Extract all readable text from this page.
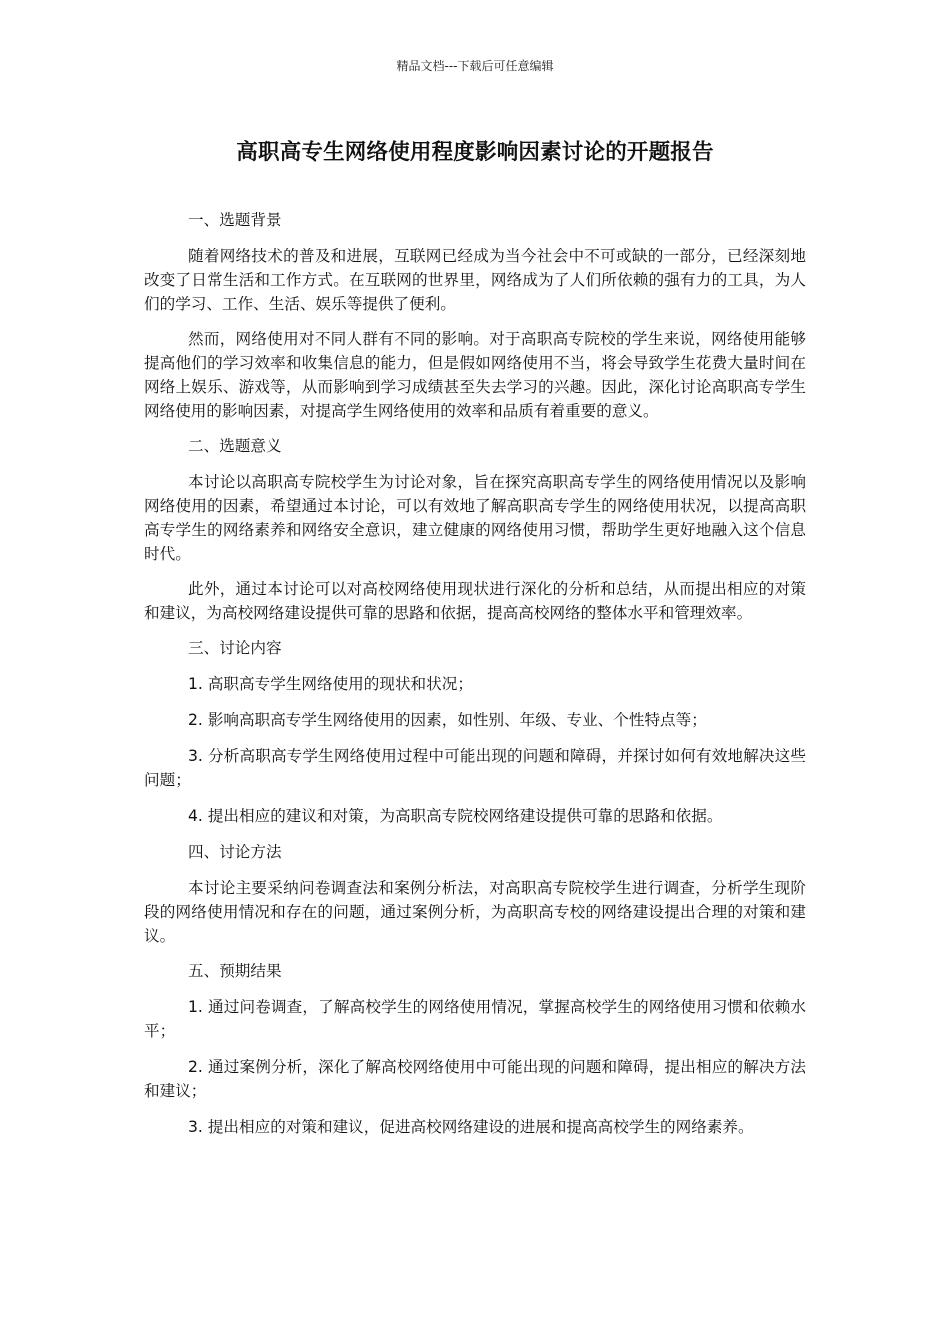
精品文档---下载后可任意编辑
高职高专生网络使用程度影响因素讨论的开题报告

一、选题背景

随着网络技术的普及和进展，互联网已经成为当今社会中不可或缺的一部分，已经深刻地改变了日常生活和工作方式。在互联网的世界里，网络成为了人们所依赖的强有力的工具，为人们的学习、工作、生活、娱乐等提供了便利。

然而，网络使用对不同人群有不同的影响。对于高职高专院校的学生来说，网络使用能够提高他们的学习效率和收集信息的能力，但是假如网络使用不当，将会导致学生花费大量时间在网络上娱乐、游戏等，从而影响到学习成绩甚至失去学习的兴趣。因此，深化讨论高职高专学生网络使用的影响因素，对提高学生网络使用的效率和品质有着重要的意义。

二、选题意义

本讨论以高职高专院校学生为讨论对象，旨在探究高职高专学生的网络使用情况以及影响网络使用的因素，希望通过本讨论，可以有效地了解高职高专学生的网络使用状况，以提高高职高专学生的网络素养和网络安全意识，建立健康的网络使用习惯，帮助学生更好地融入这个信息时代。

此外，通过本讨论可以对高校网络使用现状进行深化的分析和总结，从而提出相应的对策和建议，为高校网络建设提供可靠的思路和依据，提高高校网络的整体水平和管理效率。

三、讨论内容

1. 高职高专学生网络使用的现状和状况；

2. 影响高职高专学生网络使用的因素，如性别、年级、专业、个性特点等；

3. 分析高职高专学生网络使用过程中可能出现的问题和障碍，并探讨如何有效地解决这些问题；

4. 提出相应的建议和对策，为高职高专院校网络建设提供可靠的思路和依据。

四、讨论方法

本讨论主要采纳问卷调查法和案例分析法，对高职高专院校学生进行调查，分析学生现阶段的网络使用情况和存在的问题，通过案例分析，为高职高专校的网络建设提出合理的对策和建议。

五、预期结果

1. 通过问卷调查，了解高校学生的网络使用情况，掌握高校学生的网络使用习惯和依赖水平；

2. 通过案例分析，深化了解高校网络使用中可能出现的问题和障碍，提出相应的解决方法和建议；

3. 提出相应的对策和建议，促进高校网络建设的进展和提高高校学生的网络素养。
